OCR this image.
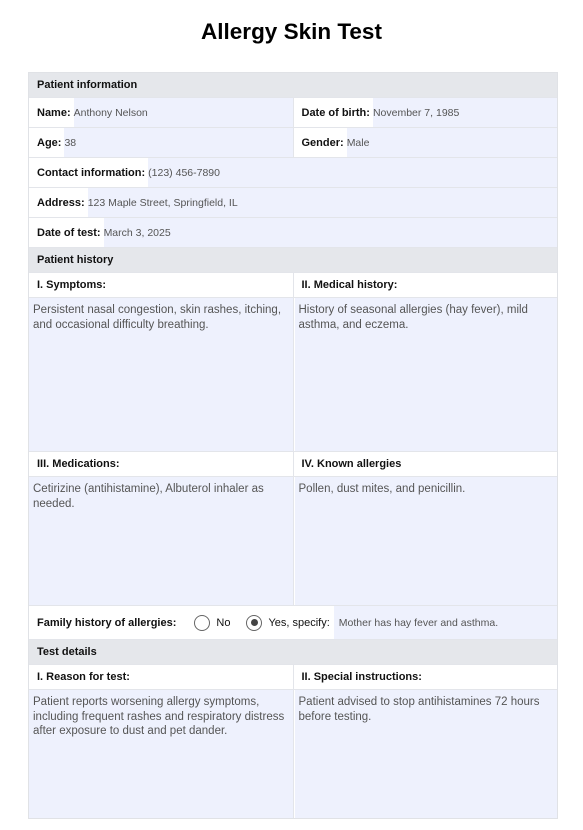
Allergy Skin Test
Patient information
Name: Anthony Nelson	Date of birth: November 7, 1985
Age: 38	Gender: Male
Contact information: (123) 456-7890
Address: 123 Maple Street, Springfield, IL
Date of test: March 3, 2025
Patient history
I. Symptoms:	II. Medical history:
Persistent nasal congestion, skin rashes, itching, and occasional difficulty breathing.
History of seasonal allergies (hay fever), mild asthma, and eczema.
III. Medications:	IV. Known allergies
Cetirizine (antihistamine), Albuterol inhaler as needed.
Pollen, dust mites, and penicillin.
Family history of allergies:	No	Yes, specify: Mother has hay fever and asthma.
Test details
I. Reason for test:	II. Special instructions:
Patient reports worsening allergy symptoms, including frequent rashes and respiratory distress after exposure to dust and pet dander.
Patient advised to stop antihistamines 72 hours before testing.
